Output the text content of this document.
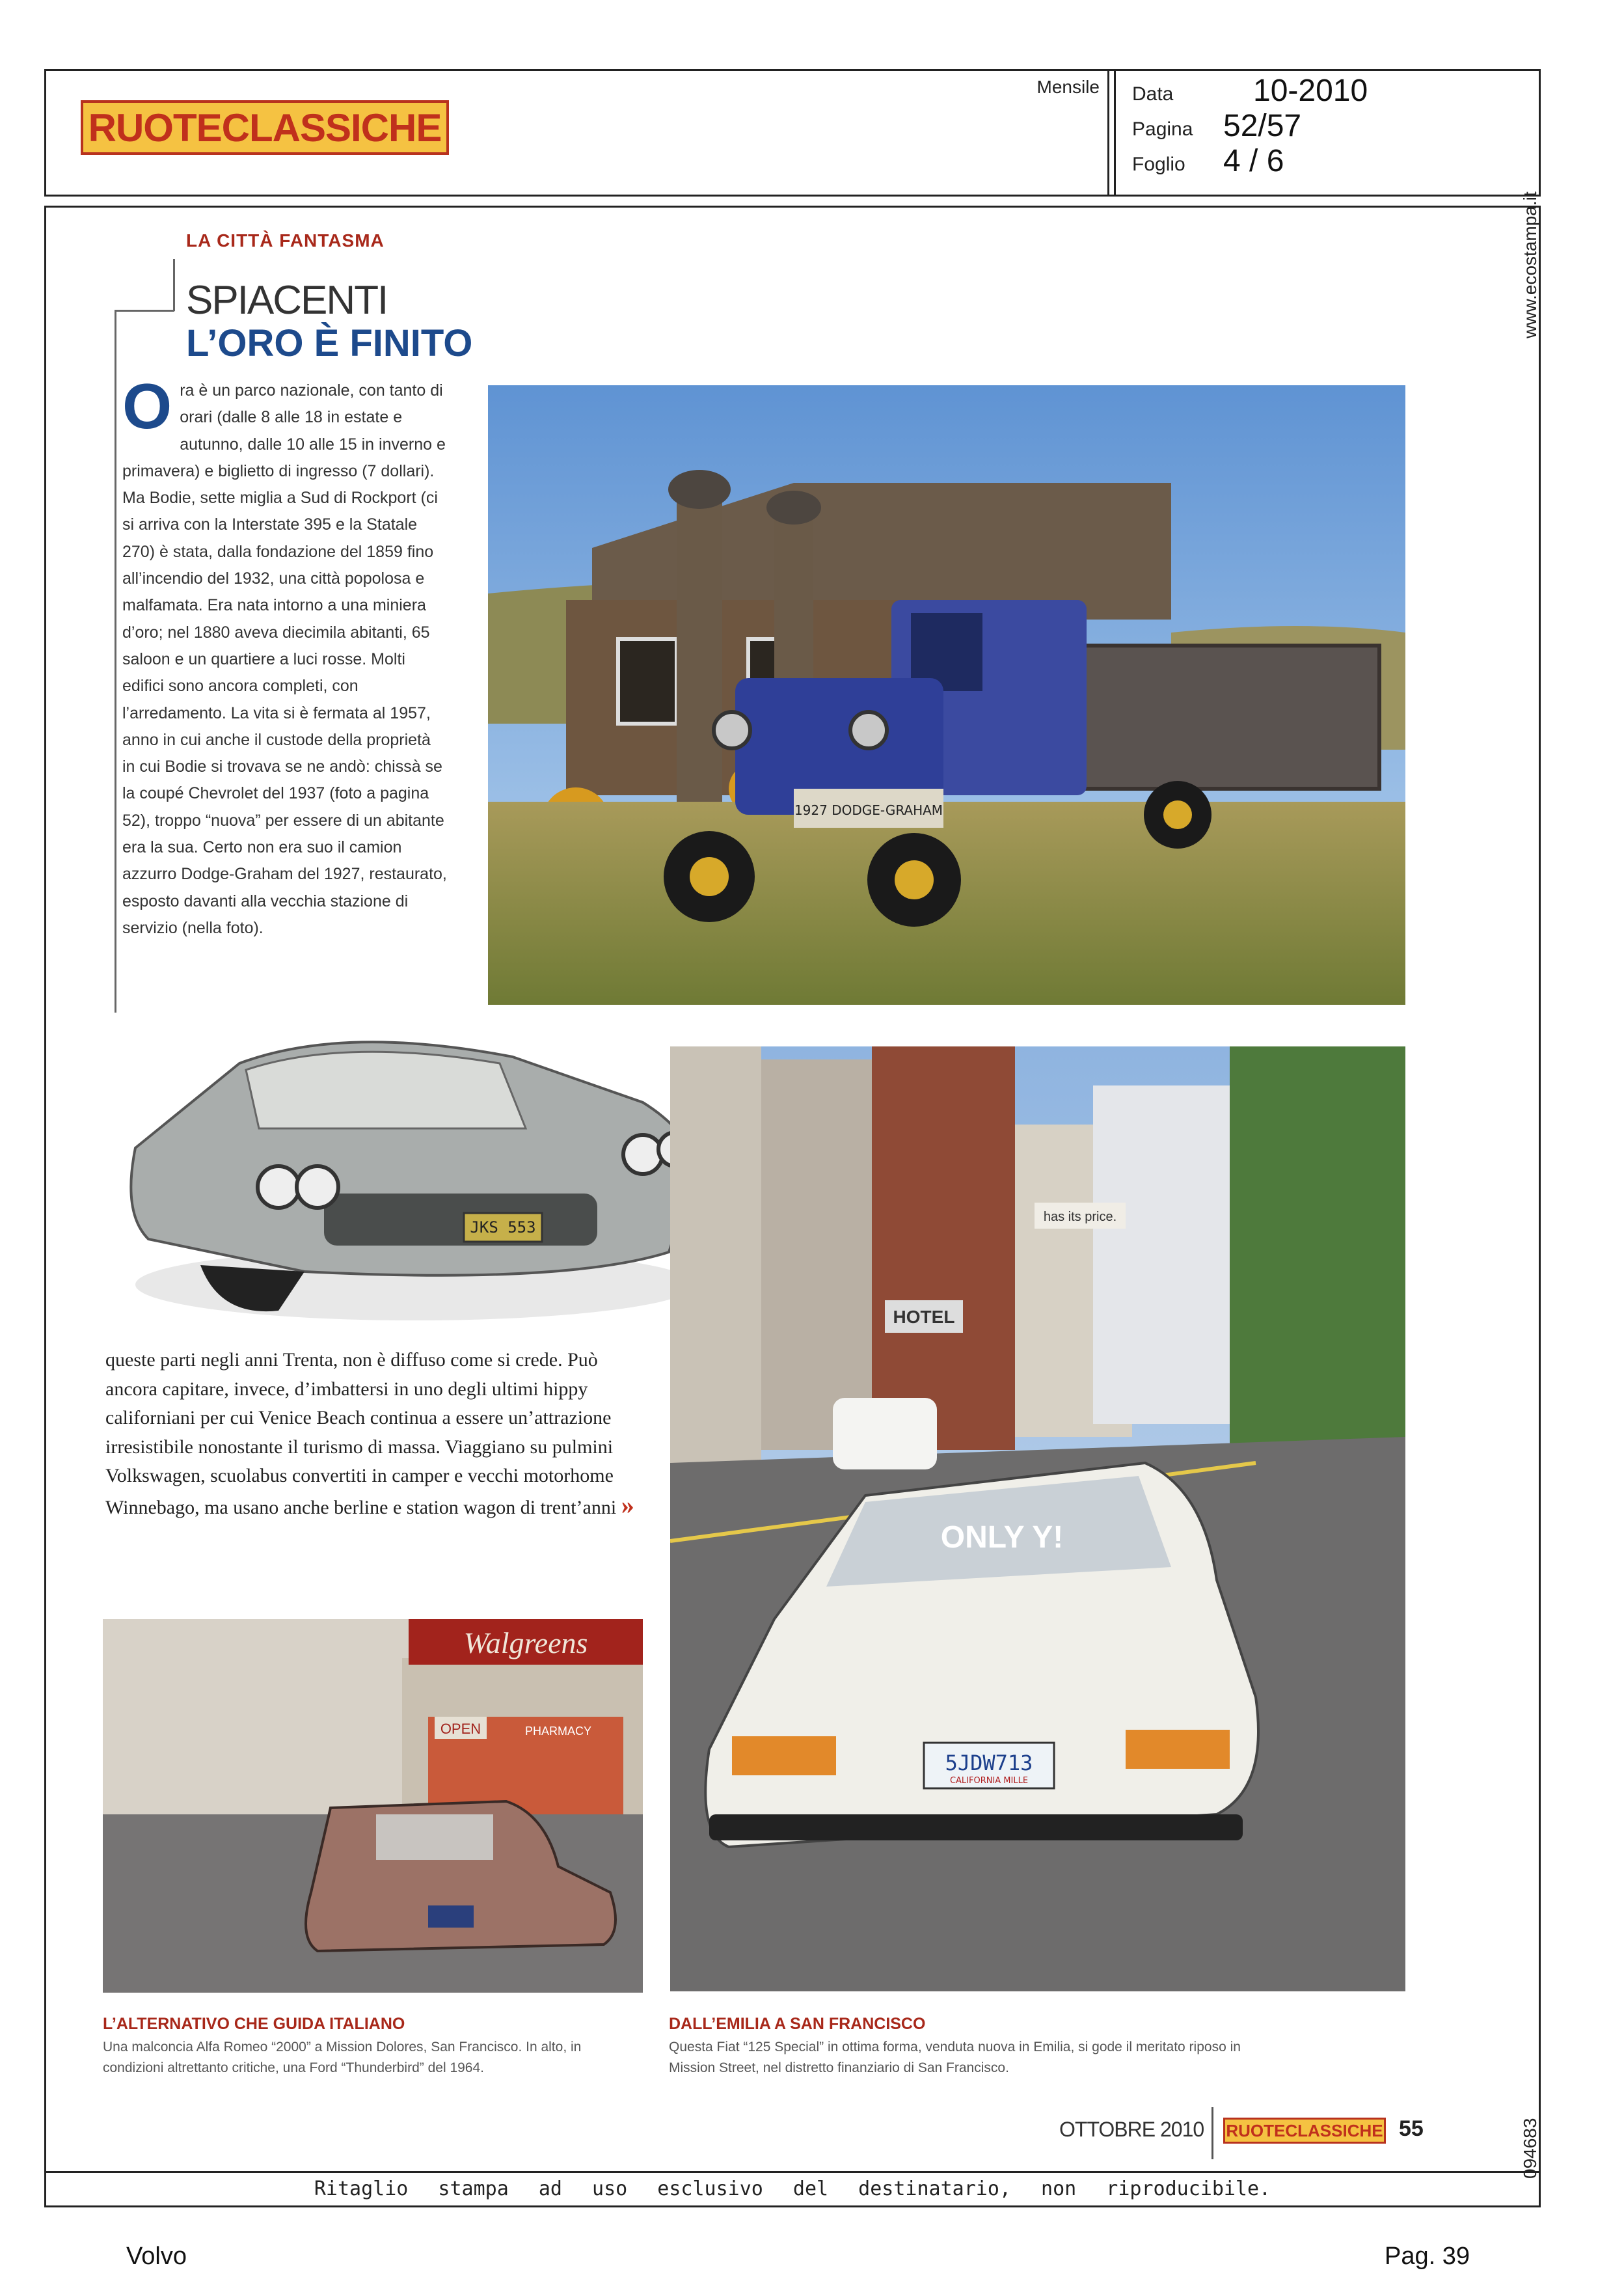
RUOTECLASSICHE
Mensile Data	10-2010
Pagina 52/57
Foglio 4 / 6
www.ecostampa.it
094683
LA CITTÀ FANTASMA
SPIACENTI
L’ORO È FINITO
Ora è un parco nazionale, con tanto di orari (dalle 8 alle 18 in estate e autunno, dalle 10 alle 15 in inverno e primavera) e biglietto di ingresso (7 dollari). Ma Bodie, sette miglia a Sud di Rockport (ci si arriva con la Interstate 395 e la Statale 270) è stata, dalla fondazione del 1859 fino all’incendio del 1932, una città popolosa e malfamata. Era nata intorno a una miniera d’oro; nel 1880 aveva diecimila abitanti, 65 saloon e un quartiere a luci rosse. Molti edifici sono ancora completi, con l’arredamento. La vita si è fermata al 1957, anno in cui anche il custode della proprietà in cui Bodie si trovava se ne andò: chissà se la coupé Chevrolet del 1937 (foto a pagina 52), troppo “nuova” per essere di un abitante era la sua. Certo non era suo il camion azzurro Dodge-Graham del 1927, restaurato, esposto davanti alla vecchia stazione di servizio (nella foto).
1927 DODGE-GRAHAM
JKS 553
queste parti negli anni Trenta, non è diffuso come si crede. Può ancora capitare, invece, d’imbattersi in uno degli ultimi hippy californiani per cui Venice Beach continua a essere un’attrazione irresistibile nonostante il turismo di massa. Viaggiano su pulmini Volkswagen, scuolabus convertiti in camper e vecchi motorhome Winnebago, ma usano anche berline e station wagon di trent’anni »
HOTEL
has its price.
ONLY Y!
5JDW713
CALIFORNIA MILLE
Walgreens
OPEN	PHARMACY
L’ALTERNATIVO CHE GUIDA ITALIANO
Una malconcia Alfa Romeo “2000” a Mission Dolores, San Francisco. In alto, in condizioni altrettanto critiche, una Ford “Thunderbird” del 1964.
DALL’EMILIA A SAN FRANCISCO
Questa Fiat “125 Special” in ottima forma, venduta nuova in Emilia, si gode il meritato riposo in Mission Street, nel distretto finanziario di San Francisco.
OTTOBRE 2010 RUOTECLASSICHE 55
Ritaglio stampa ad uso esclusivo del destinatario, non riproducibile.
Volvo	Pag. 39
